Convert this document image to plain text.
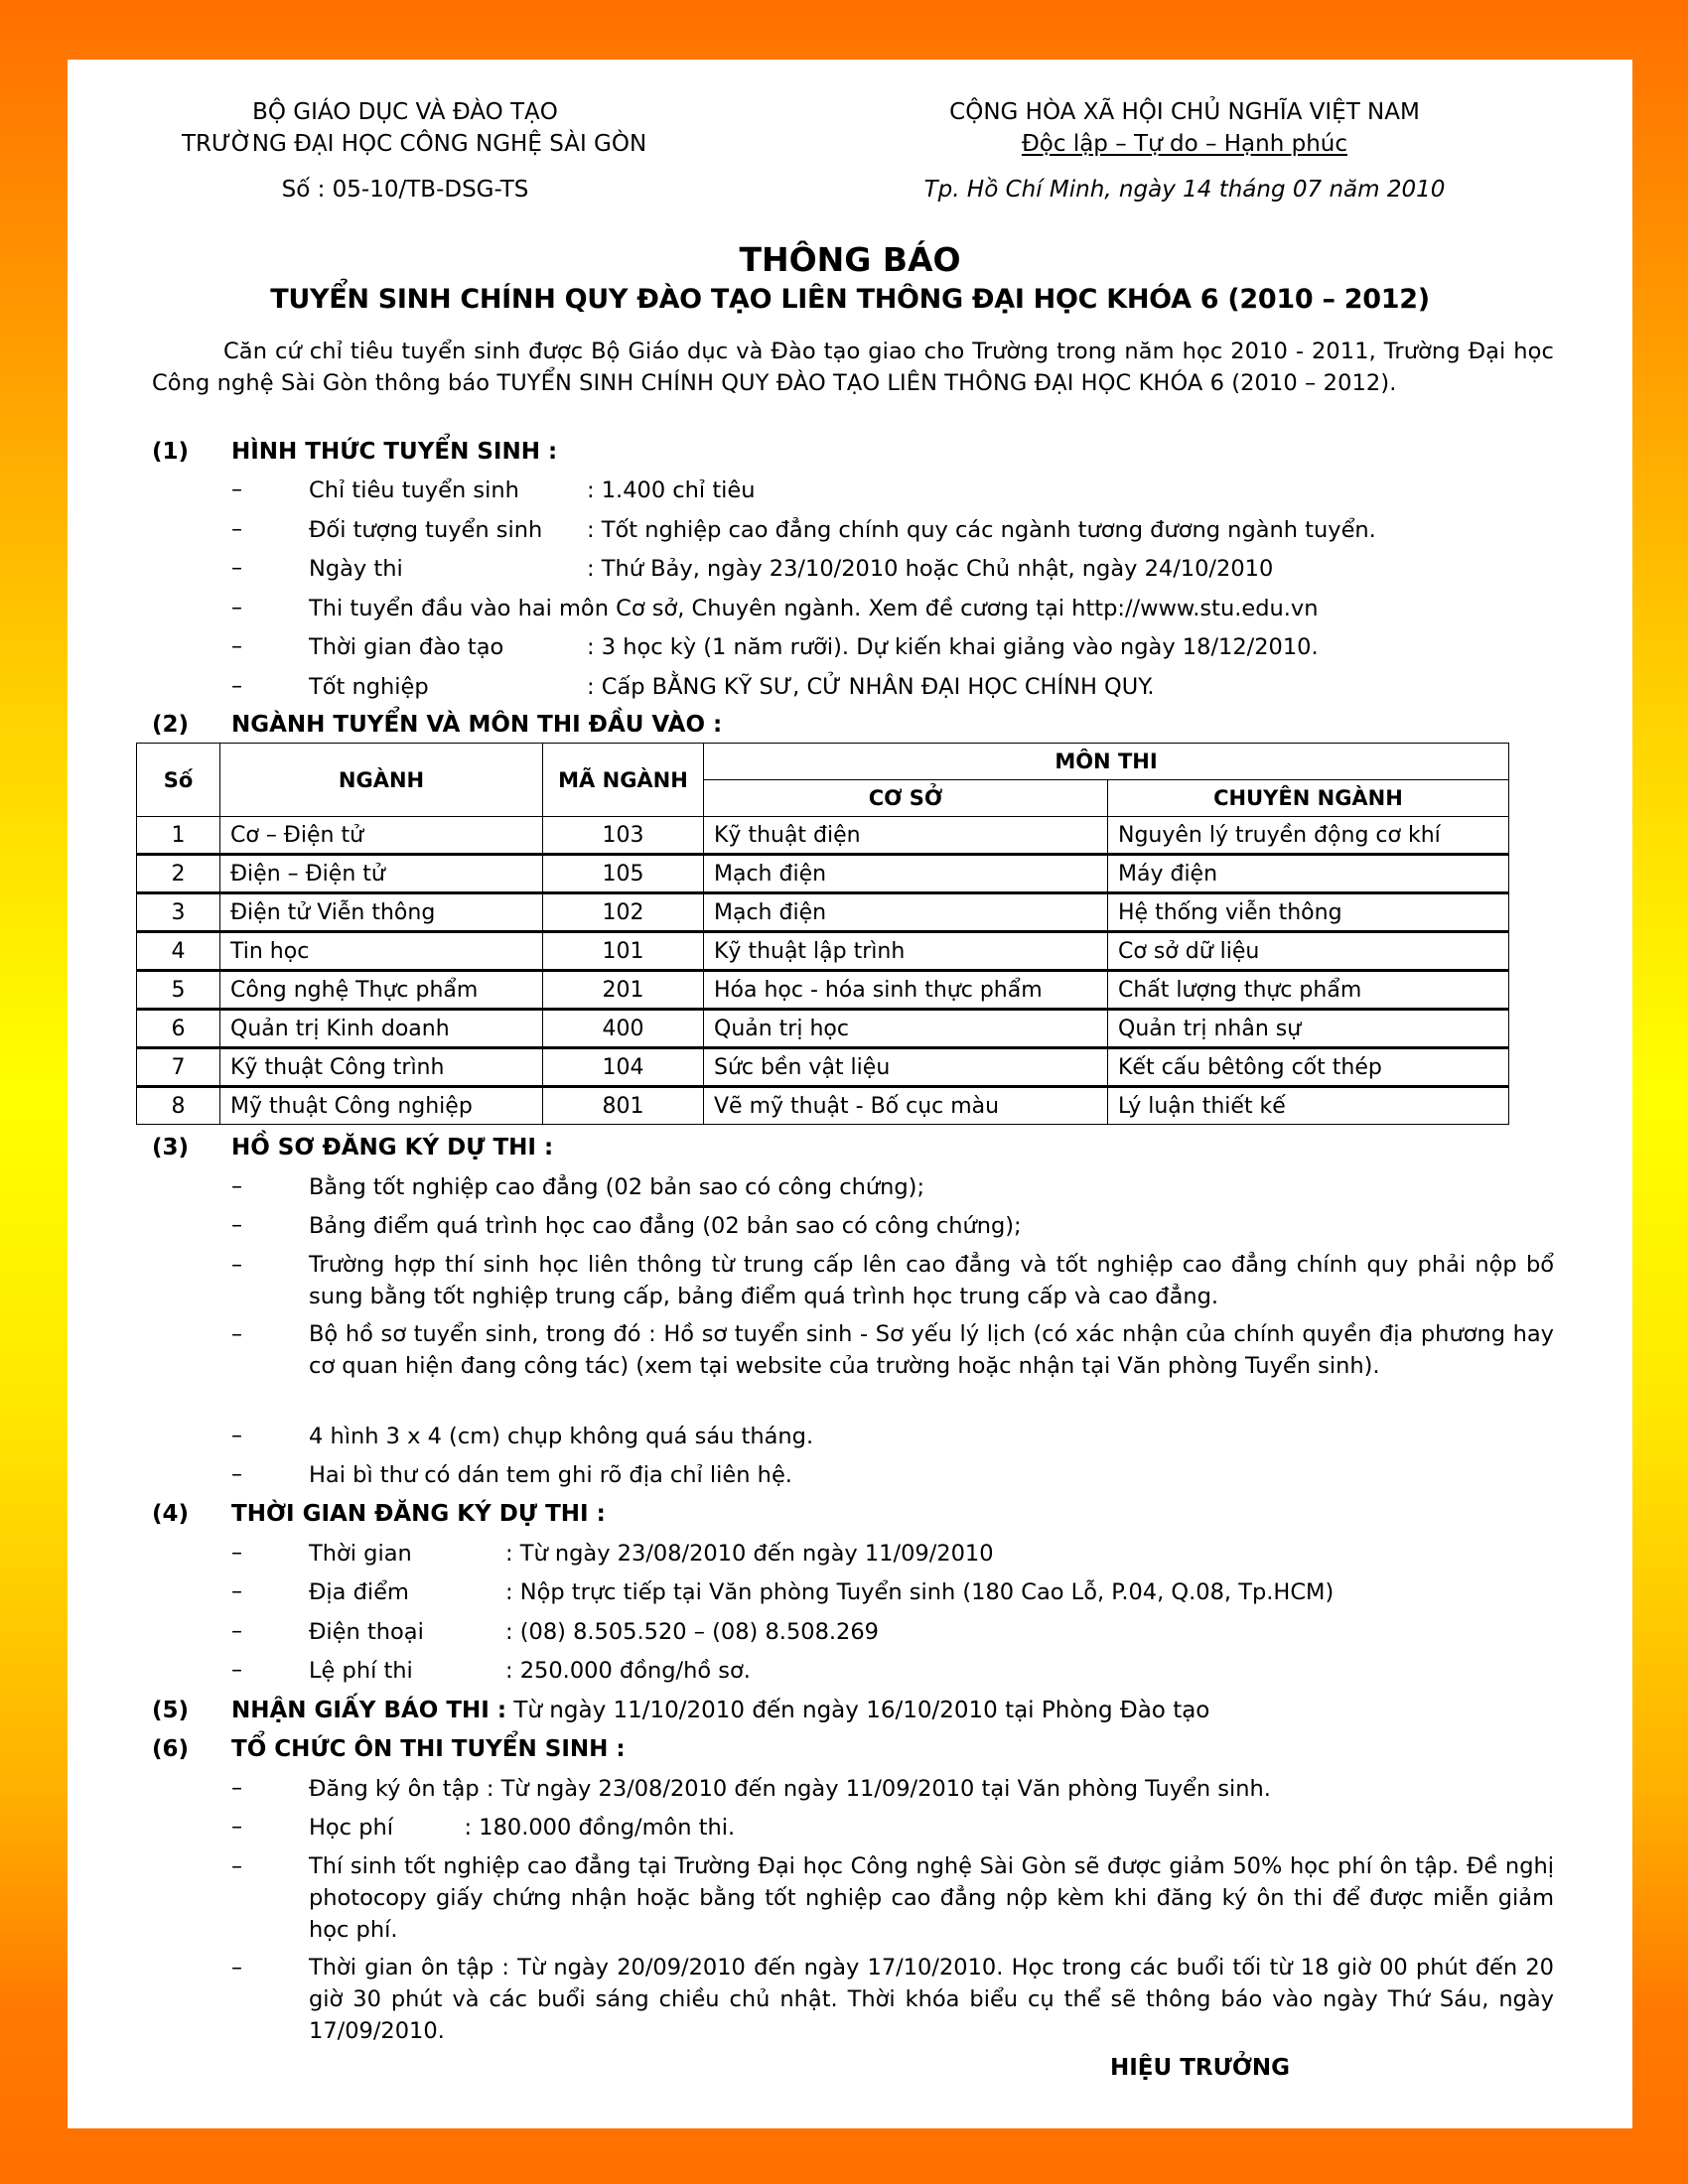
BỘ GIÁO DỤC VÀ ĐÀO TẠO
TRƯỜNG ĐẠI HỌC CÔNG NGHỆ SÀI GÒN
Số : 05-10/TB-DSG-TS
CỘNG HÒA XÃ HỘI CHỦ NGHĨA VIỆT NAM
Độc lập – Tự do – Hạnh phúc
Tp. Hồ Chí Minh, ngày 14 tháng 07 năm 2010
THÔNG BÁO
TUYỂN SINH CHÍNH QUY ĐÀO TẠO LIÊN THÔNG ĐẠI HỌC KHÓA 6 (2010 – 2012)
Căn cứ chỉ tiêu tuyển sinh được Bộ Giáo dục và Đào tạo giao cho Trường trong năm học 2010 - 2011, Trường Đại học Công nghệ Sài Gòn thông báo TUYỂN SINH CHÍNH QUY ĐÀO TẠO LIÊN THÔNG ĐẠI HỌC KHÓA 6 (2010 – 2012).
(1) HÌNH THỨC TUYỂN SINH :
–	Chỉ tiêu tuyển sinh	: 1.400 chỉ tiêu
–	Đối tượng tuyển sinh : Tốt nghiệp cao đẳng chính quy các ngành tương đương ngành tuyển.
–	Ngày thi	: Thứ Bảy, ngày 23/10/2010 hoặc Chủ nhật, ngày 24/10/2010
–	Thi tuyển đầu vào hai môn Cơ sở, Chuyên ngành. Xem đề cương tại http://www.stu.edu.vn
–	Thời gian đào tạo	: 3 học kỳ (1 năm rưỡi). Dự kiến khai giảng vào ngày 18/12/2010.
–	Tốt nghiệp	: Cấp BẰNG KỸ SƯ, CỬ NHÂN ĐẠI HỌC CHÍNH QUY.
(2) NGÀNH TUYỂN VÀ MÔN THI ĐẦU VÀO :
Số	NGÀNH	MÃ NGÀNH	MÔN THI	
			CƠ SỞ	CHUYÊN NGÀNH
1	Cơ – Điện tử	103	Kỹ thuật điện	Nguyên lý truyền động cơ khí
2	Điện – Điện tử	105	Mạch điện	Máy điện
3	Điện tử Viễn thông	102	Mạch điện	Hệ thống viễn thông
4	Tin học	101	Kỹ thuật lập trình	Cơ sở dữ liệu
5	Công nghệ Thực phẩm	201	Hóa học - hóa sinh thực phẩm	Chất lượng thực phẩm
6	Quản trị Kinh doanh	400	Quản trị học	Quản trị nhân sự
7	Kỹ thuật Công trình	104	Sức bền vật liệu	Kết cấu bêtông cốt thép
8	Mỹ thuật Công nghiệp	801	Vẽ mỹ thuật - Bố cục màu	Lý luận thiết kế
(3) HỒ SƠ ĐĂNG KÝ DỰ THI :
–	Bằng tốt nghiệp cao đẳng (02 bản sao có công chứng);
–	Bảng điểm quá trình học cao đẳng (02 bản sao có công chứng);
–	Trường hợp thí sinh học liên thông từ trung cấp lên cao đẳng và tốt nghiệp cao đẳng chính quy phải nộp bổ sung bằng tốt nghiệp trung cấp, bảng điểm quá trình học trung cấp và cao đẳng.
–	Bộ hồ sơ tuyển sinh, trong đó : Hồ sơ tuyển sinh - Sơ yếu lý lịch (có xác nhận của chính quyền địa phương hay cơ quan hiện đang công tác) (xem tại website của trường hoặc nhận tại Văn phòng Tuyển sinh).
–	4 hình 3 x 4 (cm) chụp không quá sáu tháng.
–	Hai bì thư có dán tem ghi rõ địa chỉ liên hệ.
(4) THỜI GIAN ĐĂNG KÝ DỰ THI :
–	Thời gian	: Từ ngày 23/08/2010 đến ngày 11/09/2010
–	Địa điểm	: Nộp trực tiếp tại Văn phòng Tuyển sinh (180 Cao Lỗ, P.04, Q.08, Tp.HCM)
–	Điện thoại	: (08) 8.505.520 – (08) 8.508.269
–	Lệ phí thi	: 250.000 đồng/hồ sơ.
(5) NHẬN GIẤY BÁO THI : Từ ngày 11/10/2010 đến ngày 16/10/2010 tại Phòng Đào tạo
(6) TỔ CHỨC ÔN THI TUYỂN SINH :
–	Đăng ký ôn tập : Từ ngày 23/08/2010 đến ngày 11/09/2010 tại Văn phòng Tuyển sinh.
–	Học phí          : 180.000 đồng/môn thi.
–	Thí sinh tốt nghiệp cao đẳng tại Trường Đại học Công nghệ Sài Gòn sẽ được giảm 50% học phí ôn tập. Đề nghị photocopy giấy chứng nhận hoặc bằng tốt nghiệp cao đẳng nộp kèm khi đăng ký ôn thi để được miễn giảm học phí.
–	Thời gian ôn tập : Từ ngày 20/09/2010 đến ngày 17/10/2010. Học trong các buổi tối từ 18 giờ 00 phút đến 20 giờ 30 phút và các buổi sáng chiều chủ nhật. Thời khóa biểu cụ thể sẽ thông báo vào ngày Thứ Sáu, ngày 17/09/2010.
HIỆU TRƯỞNG
